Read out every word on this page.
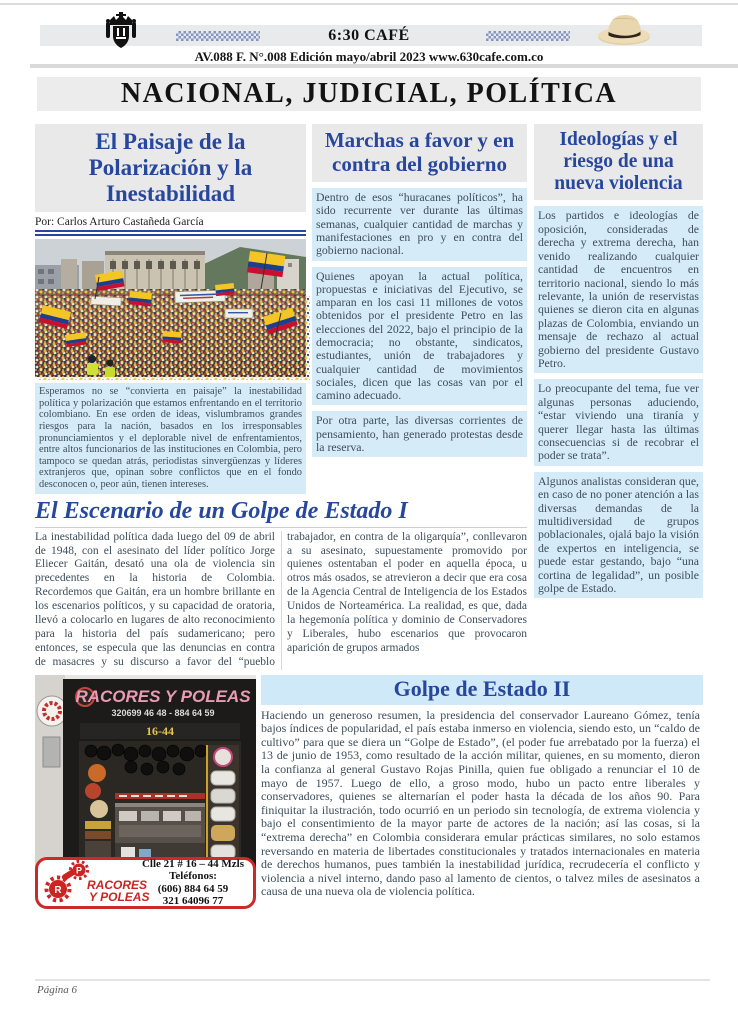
6:30 CAFÉ
AV.088 F. N°.008 Edición mayo/abril 2023 www.630cafe.com.co
NACIONAL, JUDICIAL, POLÍTICA
El Paisaje de la Polarización y la Inestabilidad
Por: Carlos Arturo Castañeda García
Esperamos no se “convierta en paisaje” la inestabilidad política y polarización que estamos enfrentando en el territorio colombiano. En ese orden de ideas, vislumbramos grandes riesgos para la nación, basados en los irresponsables pronunciamientos y el deplorable nivel de enfrentamientos, entre altos funcionarios de las instituciones en Colombia, pero tampoco se quedan atrás, periodistas sinvergüenzas y líderes extranjeros que, opinan sobre conflictos que en el fondo desconocen o, peor aún, tienen intereses.
Marchas a favor y en contra del gobierno
Dentro de esos “huracanes políticos”, ha sido recurrente ver durante las últimas semanas, cualquier cantidad de marchas y manifestaciones en pro y en contra del gobierno nacional.
Quienes apoyan la actual política, propuestas e iniciativas del Ejecutivo, se amparan en los casi 11 millones de votos obtenidos por el presidente Petro en las elecciones del 2022, bajo el principio de la democracia; no obstante, sindicatos, estudiantes, unión de trabajadores y cualquier cantidad de movimientos sociales, dicen que las cosas van por el camino adecuado.
Por otra parte, las diversas corrientes de pensamiento, han generado protestas desde la reserva.
El Escenario de un Golpe de Estado I
La inestabilidad política dada luego del 09 de abril de 1948, con el asesinato del líder político Jorge Eliecer Gaitán, desató una ola de violencia sin precedentes en la historia de Colombia. Recordemos que Gaitán, era un hombre brillante en los escenarios políticos, y su capacidad de oratoria, llevó a colocarlo en lugares de alto reconocimiento para la historia del país sudamericano; pero entonces, se especula que las denuncias en contra de masacres y su discurso a favor del “pueblo trabajador, en contra de la oligarquía”, conllevaron a su asesinato, supuestamente promovido por quienes ostentaban el poder en aquella época, u otros más osados, se atrevieron a decir que era cosa de la Agencia Central de Inteligencia de los Estados Unidos de Norteamérica. La realidad, es que, dada la hegemonía política y dominio de Conservadores y Liberales, hubo escenarios que provocaron aparición de grupos armados
Ideologías y el riesgo de una nueva violencia
Los partidos e ideologías de oposición, consideradas de derecha y extrema derecha, han venido realizando cualquier cantidad de encuentros en territorio nacional, siendo lo más relevante, la unión de reservistas quienes se dieron cita en algunas plazas de Colombia, enviando un mensaje de rechazo al actual gobierno del presidente Gustavo Petro.
Lo preocupante del tema, fue ver algunas personas aduciendo, “estar viviendo una tiranía y querer llegar hasta las últimas consecuencias si de recobrar el poder se trata”.
Algunos analistas consideran que, en caso de no poner atención a las diversas demandas de la multidiversidad de grupos poblacionales, ojalá bajo la visión de expertos en inteligencia, se puede estar gestando, bajo “una cortina de legalidad”, un posible golpe de Estado.
RACORES Y POLEAS
320699 46 48 - 884 64 59
16-44
R
P
RACORES
Y POLEAS
Clle 21 # 16 – 44 Mzls
Teléfonos:
(606) 884 64 59
321 64096 77
Golpe de Estado II
Haciendo un generoso resumen, la presidencia del conservador Laureano Gómez, tenía bajos índices de popularidad, el país estaba inmerso en violencia, siendo esto, un “caldo de cultivo” para que se diera un “Golpe de Estado”, (el poder fue arrebatado por la fuerza) el 13 de junio de 1953, como resultado de la acción militar, quienes, en su momento, dieron la confianza al general Gustavo Rojas Pinilla, quien fue obligado a renunciar el 10 de mayo de 1957. Luego de ello, a groso modo, hubo un pacto entre liberales y conservadores, quienes se alternarían el poder hasta la década de los años 90. Para finiquitar la ilustración, todo ocurrió en un periodo sin tecnología, de extrema violencia y bajo el consentimiento de la mayor parte de actores de la nación; así las cosas, si la “extrema derecha” en Colombia considerara emular prácticas similares, no solo estamos reversando en materia de libertades constitucionales y tratados internacionales en materia de derechos humanos, pues también la inestabilidad jurídica, recrudecería el conflicto y violencia a nivel interno, dando paso al lamento de cientos, o talvez miles de asesinatos a causa de una nueva ola de violencia política.
Página 6
